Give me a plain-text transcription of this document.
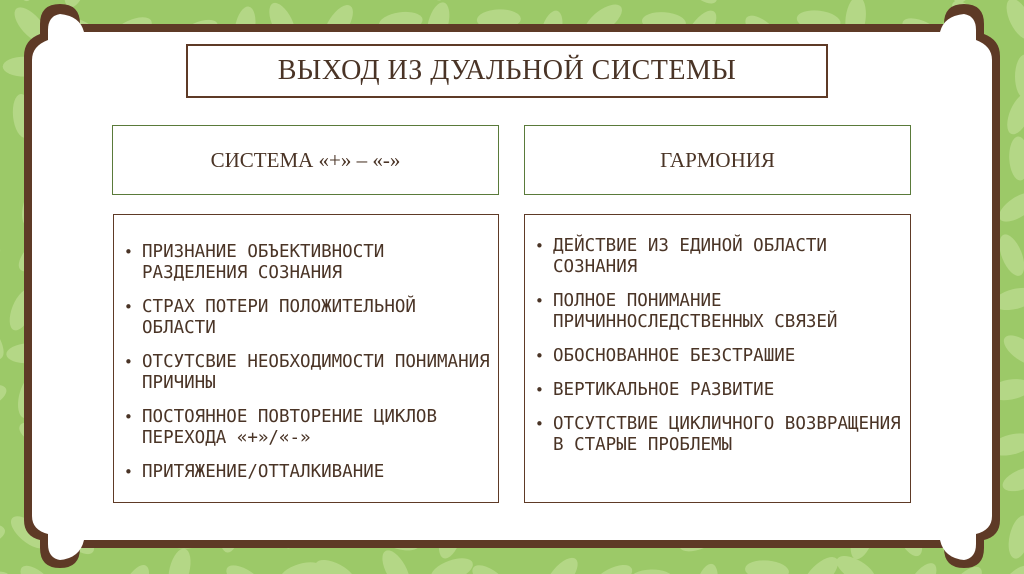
ВЫХОД ИЗ ДУАЛЬНОЙ СИСТЕМЫ
СИСТЕМА «+» – «-»	ГАРМОНИЯ
• ПРИЗНАНИЕ ОБЪЕКТИВНОСТИ РАЗДЕЛЕНИЯ СОЗНАНИЯ
• СТРАХ ПОТЕРИ ПОЛОЖИТЕЛЬНОЙ ОБЛАСТИ
• ОТСУТСВИЕ НЕОБХОДИМОСТИ ПОНИМАНИЯ ПРИЧИНЫ
• ПОСТОЯННОЕ ПОВТОРЕНИЕ ЦИКЛОВ ПЕРЕХОДА «+»/«-»
• ПРИТЯЖЕНИЕ/ОТТАЛКИВАНИЕ
• ДЕЙСТВИЕ ИЗ ЕДИНОЙ ОБЛАСТИ СОЗНАНИЯ
• ПОЛНОЕ ПОНИМАНИЕ ПРИЧИННОСЛЕДСТВЕННЫХ СВЯЗЕЙ
• ОБОСНОВАННОЕ БЕЗСТРАШИЕ
• ВЕРТИКАЛЬНОЕ РАЗВИТИЕ
• ОТСУТСТВИЕ ЦИКЛИЧНОГО ВОЗВРАЩЕНИЯ В СТАРЫЕ ПРОБЛЕМЫ
